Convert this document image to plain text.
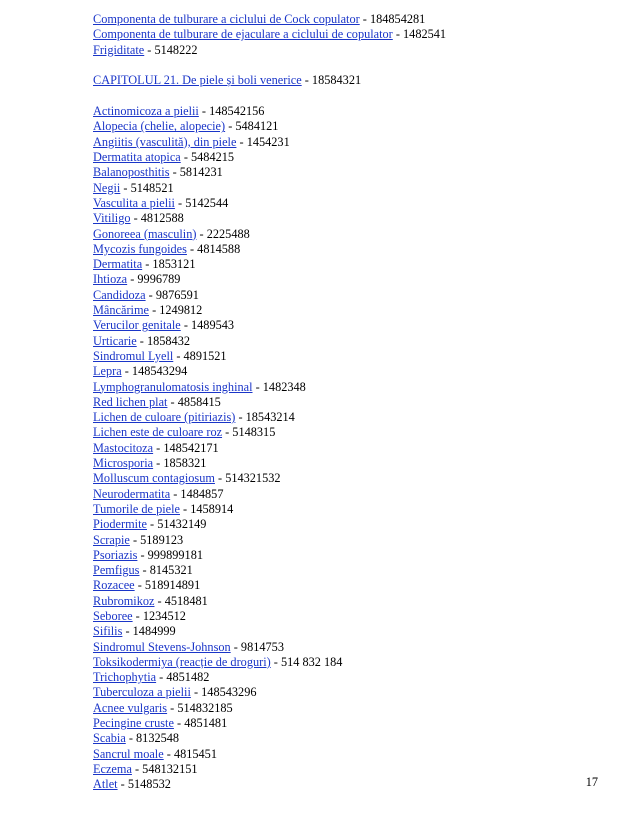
Componenta de tulburare a ciclului de Cock copulator - 184854281
Componenta de tulburare de ejaculare a ciclului de copulator - 1482541
Frigiditate - 5148222
CAPITOLUL 21. De piele și boli venerice - 18584321
Actinomicoza a pielii - 148542156
Alopecia (chelie, alopecie) - 5484121
Angiitis (vasculită), din piele - 1454231
Dermatita atopica - 5484215
Balanoposthitis - 5814231
Negii - 5148521
Vasculita a pielii - 5142544
Vitiligo - 4812588
Gonoreea (masculin) - 2225488
Mycozis fungoides - 4814588
Dermatita - 1853121
Ihtioza - 9996789
Candidoza - 9876591
Mâncărime - 1249812
Verucilor genitale - 1489543
Urticarie - 1858432
Sindromul Lyell - 4891521
Lepra - 148543294
Lymphogranulomatosis inghinal - 1482348
Red lichen plat - 4858415
Lichen de culoare (pitiriazis) - 18543214
Lichen este de culoare roz - 5148315
Mastocitoza - 148542171
Microsporia - 1858321
Molluscum contagiosum - 514321532
Neurodermatita - 1484857
Tumorile de piele - 1458914
Piodermite - 51432149
Scrapie - 5189123
Psoriazis - 999899181
Pemfigus - 8145321
Rozacee - 518914891
Rubromikoz - 4518481
Seboree - 1234512
Sifilis - 1484999
Sindromul Stevens-Johnson - 9814753
Toksikodermiya (reacție de droguri) - 514 832 184
Trichophytia - 4851482
Tuberculoza a pielii - 148543296
Acnee vulgaris - 514832185
Pecingine cruste - 4851481
Scabia - 8132548
Sancrul moale - 4815451
Eczema - 548132151
Atlet - 5148532	17
